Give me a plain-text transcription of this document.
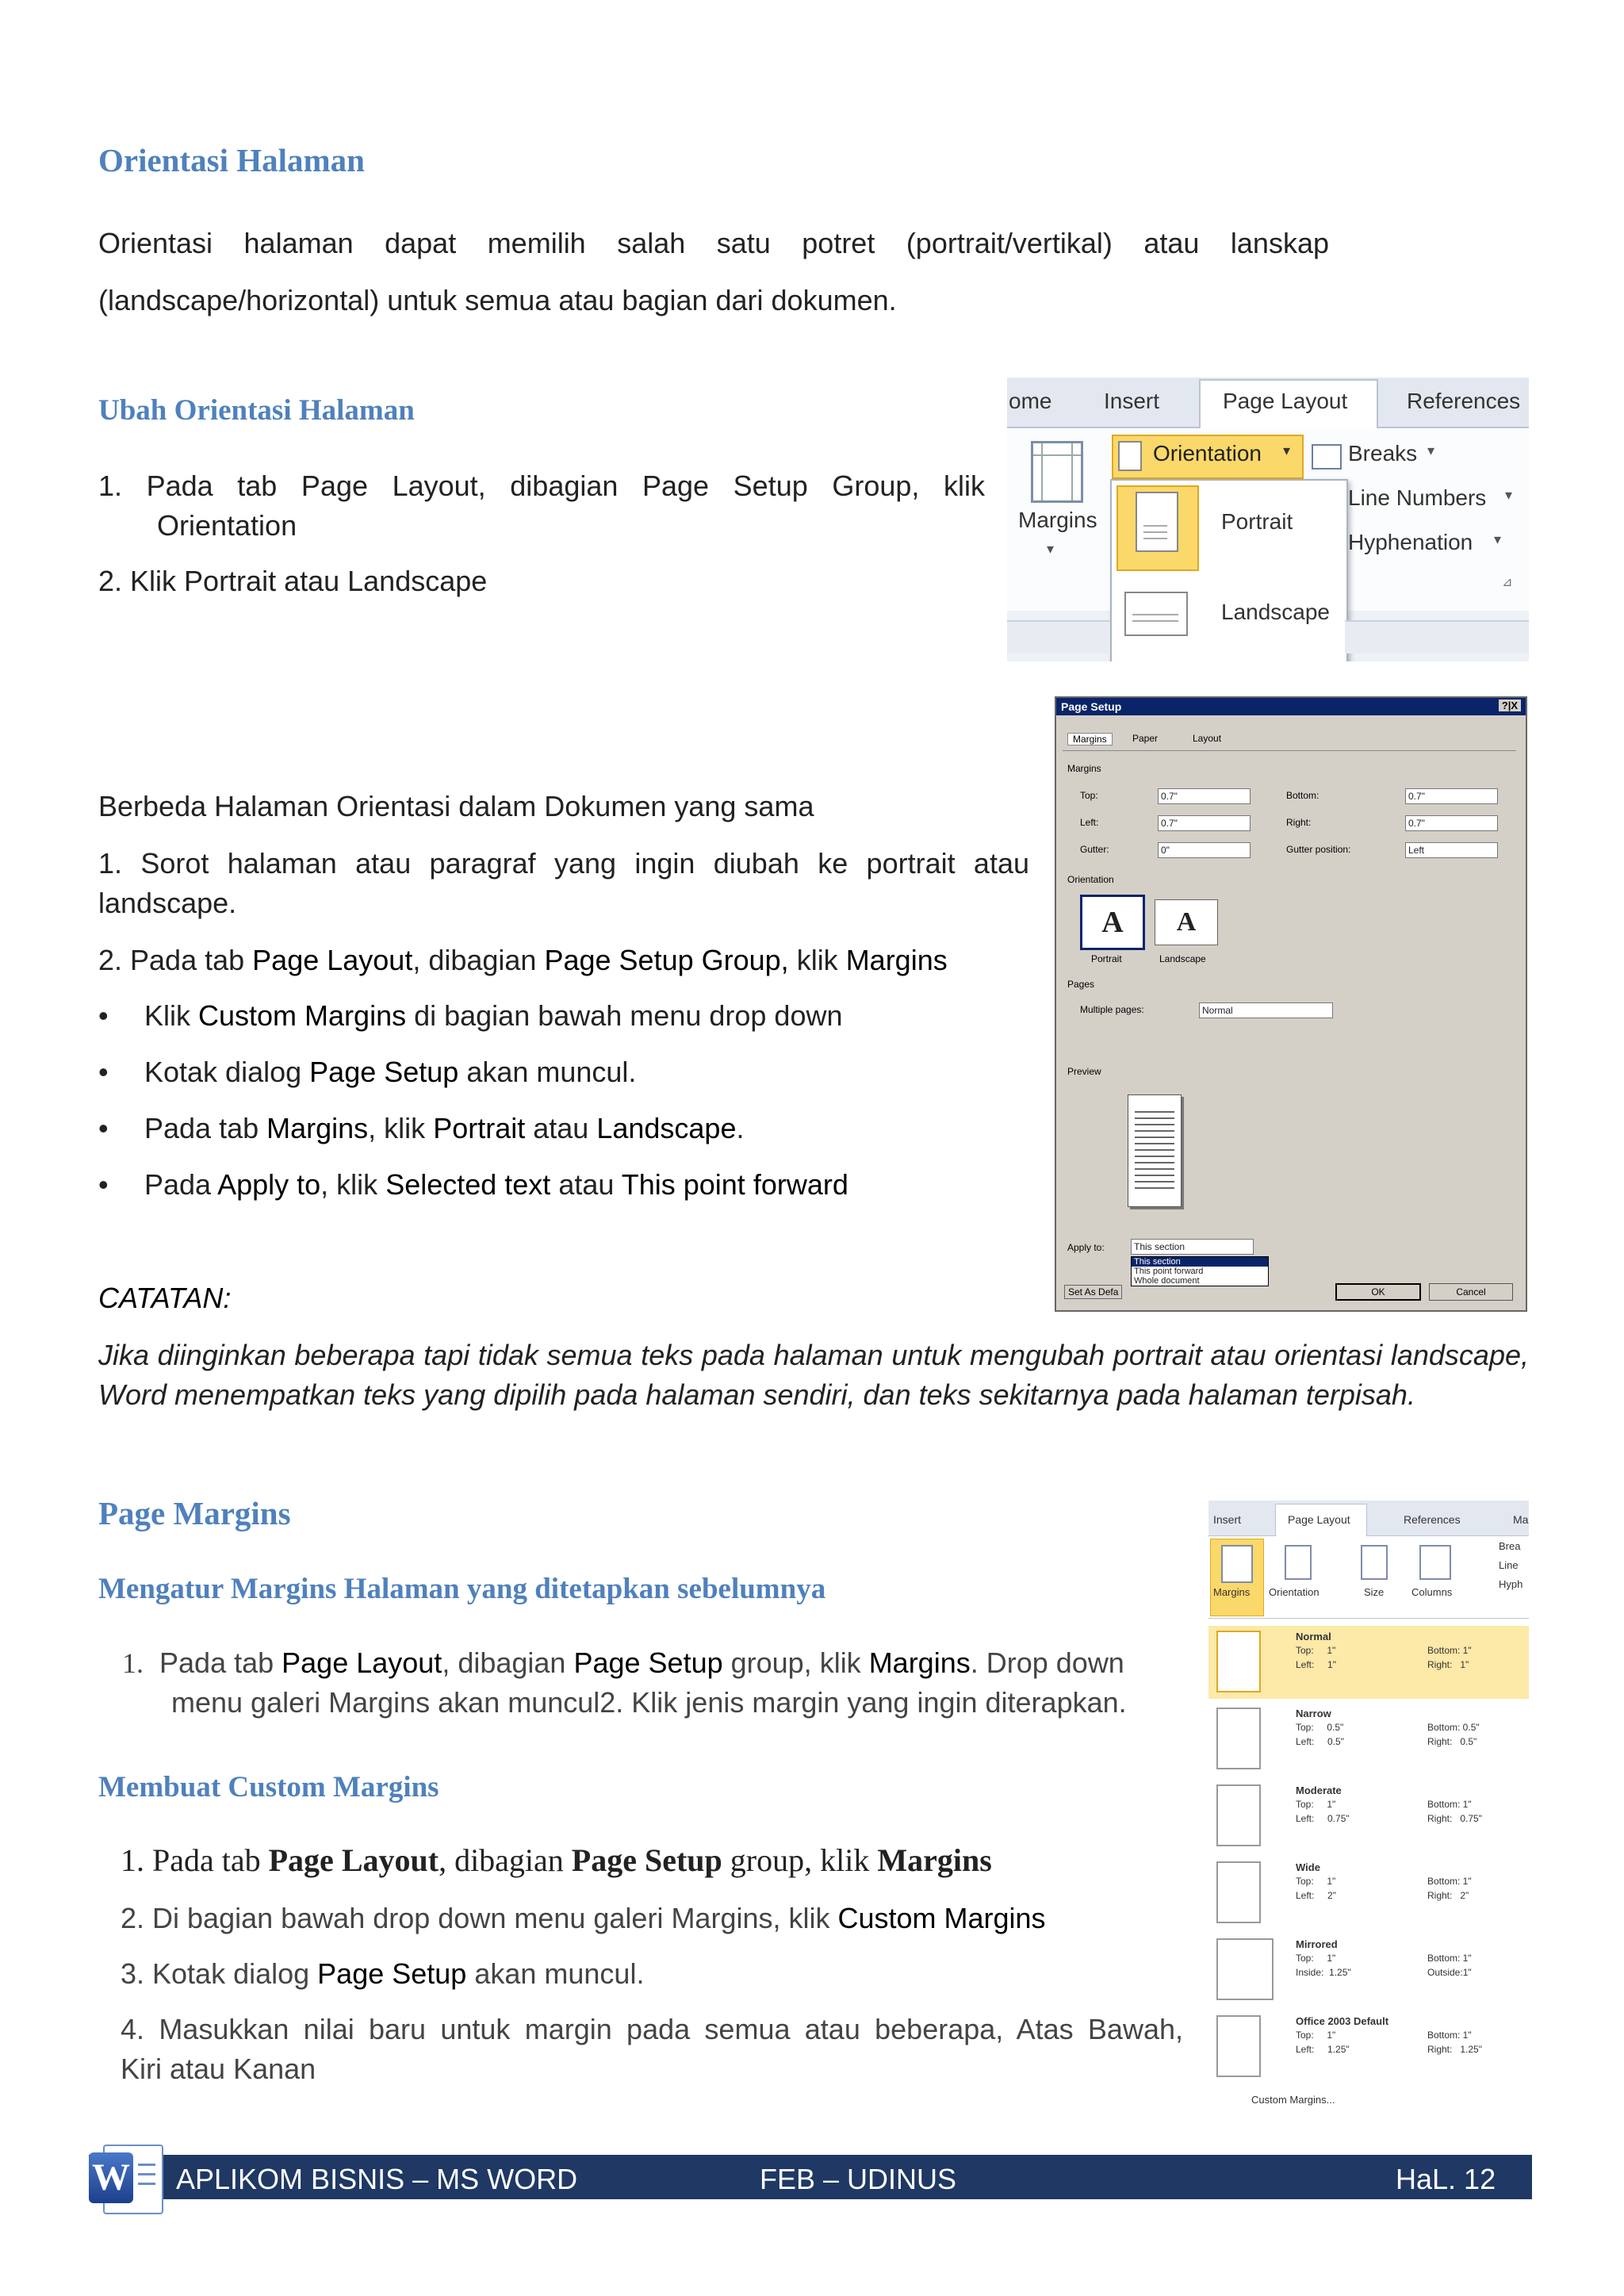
Orientasi Halaman
Orientasi halaman dapat memilih salah satu potret (portrait/vertikal) atau lanskap
(landscape/horizontal) untuk semua atau bagian dari dokumen.
Ubah Orientasi Halaman
1. Pada tab Page Layout, dibagian Page Setup Group, klik
Orientation
2. Klik Portrait atau Landscape
ome Insert	Page Layout	References
Margins
▾
Orientation ▾	Breaks ▾
Line Numbers ▾
Hyphenation ▾
⊿
Portrait
Landscape
Berbeda Halaman Orientasi dalam Dokumen yang sama
1. Sorot halaman atau paragraf yang ingin diubah ke portrait atau
landscape.
2. Pada tab Page Layout, dibagian Page Setup Group, klik Margins
• Klik Custom Margins di bagian bawah menu drop down
• Kotak dialog Page Setup akan muncul.
• Pada tab Margins, klik Portrait atau Landscape.
• Pada Apply to, klik Selected text atau This point forward
Page Setup	?|X
Margins	Paper	Layout
Margins
Top:	0.7"	Bottom:	0.7"
Left:	0.7"	Right:	0.7"
Gutter:	0"	Gutter position:	Left
Orientation
A	A
Portrait	Landscape
Pages
Multiple pages:	Normal
Preview
Apply to:	This section
This section
This point forward
Whole document
Set As Defa	OK	Cancel
CATATAN:
Jika diinginkan beberapa tapi tidak semua teks pada halaman untuk mengubah portrait atau orientasi landscape, Word menempatkan teks yang dipilih pada halaman sendiri, dan teks sekitarnya pada halaman terpisah.
Page Margins
Mengatur Margins Halaman yang ditetapkan sebelumnya
1. Pada tab Page Layout, dibagian Page Setup group, klik Margins. Drop down
menu galeri Margins akan muncul2. Klik jenis margin yang ingin diterapkan.
Membuat Custom Margins
1. Pada tab Page Layout, dibagian Page Setup group, klik Margins
2. Di bagian bawah drop down menu galeri Margins, klik Custom Margins
3. Kotak dialog Page Setup akan muncul.
4. Masukkan nilai baru untuk margin pada semua atau beberapa, Atas Bawah,
Kiri atau Kanan
Insert	Page Layout	References	Ma
Margins Orientation	Size	Columns
Brea
Line
Hyph
Normal
Top:     1"
Left:     1"
Bottom: 1"
Right:   1"
Narrow
Top:     0.5"
Left:     0.5"
Bottom: 0.5"
Right:   0.5"
Moderate
Top:     1"
Left:     0.75"
Bottom: 1"
Right:   0.75"
Wide
Top:     1"
Left:     2"
Bottom: 1"
Right:   2"
Mirrored
Top:     1"
Inside:  1.25"
Bottom: 1"
Outside:1"
Office 2003 Default
Top:     1"
Left:     1.25"
Bottom: 1"
Right:   1.25"
Custom Margins...
APLIKOM BISNIS – MS WORD	FEB – UDINUS	HaL. 12
W
